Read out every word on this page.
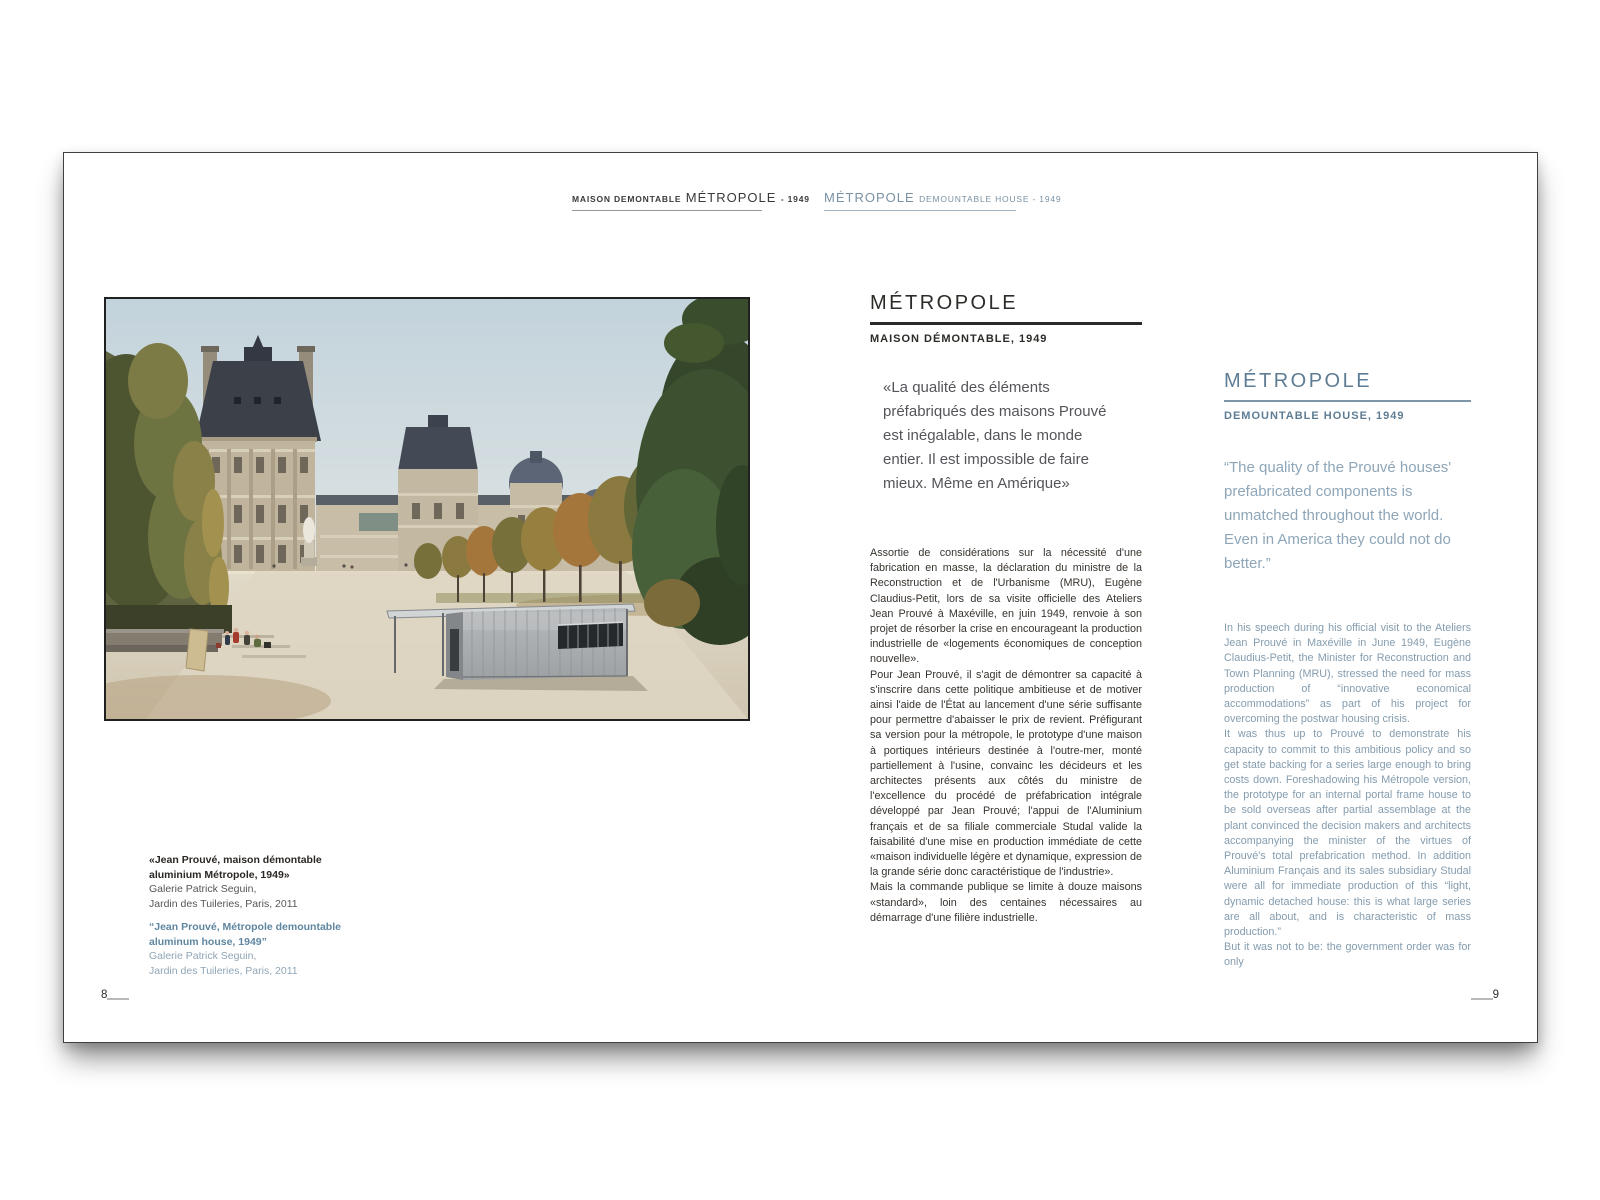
MAISON DEMONTABLE MÉTROPOLE - 1949 MÉTROPOLE DEMOUNTABLE HOUSE - 1949
«Jean Prouvé, maison démontable
aluminium Métropole, 1949»
Galerie Patrick Seguin,
Jardin des Tuileries, Paris, 2011
“Jean Prouvé, Métropole demountable
aluminum house, 1949”
Galerie Patrick Seguin,
Jardin des Tuileries, Paris, 2011
8	9
MÉTROPOLE
MAISON DÉMONTABLE, 1949
«La qualité des éléments préfabriqués des maisons Prouvé est inégalable, dans le monde entier. Il est impossible de faire mieux. Même en Amérique»

Assortie de considérations sur la nécessité d'une fabrication en masse, la déclaration du ministre de la Reconstruction et de l'Urbanisme (MRU), Eugène Claudius-Petit, lors de sa visite officielle des Ateliers Jean Prouvé à Maxéville, en juin 1949, renvoie à son projet de résorber la crise en encourageant la production industrielle de «logements économiques de conception nouvelle».

Pour Jean Prouvé, il s'agit de démontrer sa capacité à s'inscrire dans cette politique ambitieuse et de motiver ainsi l'aide de l'État au lancement d'une série suffisante pour permettre d'abaisser le prix de revient. Préfigurant sa version pour la métropole, le prototype d'une maison à portiques intérieurs destinée à l'outre-mer, monté partiellement à l'usine, convainc les décideurs et les architectes présents aux côtés du ministre de l'excellence du procédé de préfabrication intégrale développé par Jean Prouvé; l'appui de l'Aluminium français et de sa filiale commerciale Studal valide la faisabilité d'une mise en production immédiate de cette «maison individuelle légère et dynamique, expression de la grande série donc caractéristique de l'industrie».

Mais la commande publique se limite à douze maisons «standard», loin des centaines nécessaires au démarrage d'une filière industrielle.

MÉTROPOLE
DEMOUNTABLE HOUSE, 1949
“The quality of the Prouvé houses' prefabricated components is unmatched throughout the world. Even in America they could not do better.”

In his speech during his official visit to the Ateliers Jean Prouvé in Maxéville in June 1949, Eugène Claudius-Petit, the Minister for Reconstruction and Town Planning (MRU), stressed the need for mass production of “innovative economical accommodations” as part of his project for overcoming the postwar housing crisis.

It was thus up to Prouvé to demonstrate his capacity to commit to this ambitious policy and so get state backing for a series large enough to bring costs down. Foreshadowing his Métropole version, the prototype for an internal portal frame house to be sold overseas after partial assemblage at the plant convinced the decision makers and architects accompanying the minister of the virtues of Prouvé's total prefabrication method. In addition Aluminium Français and its sales subsidiary Studal were all for immediate production of this “light, dynamic detached house: this is what large series are all about, and is characteristic of mass production.”

But it was not to be: the government order was for only
